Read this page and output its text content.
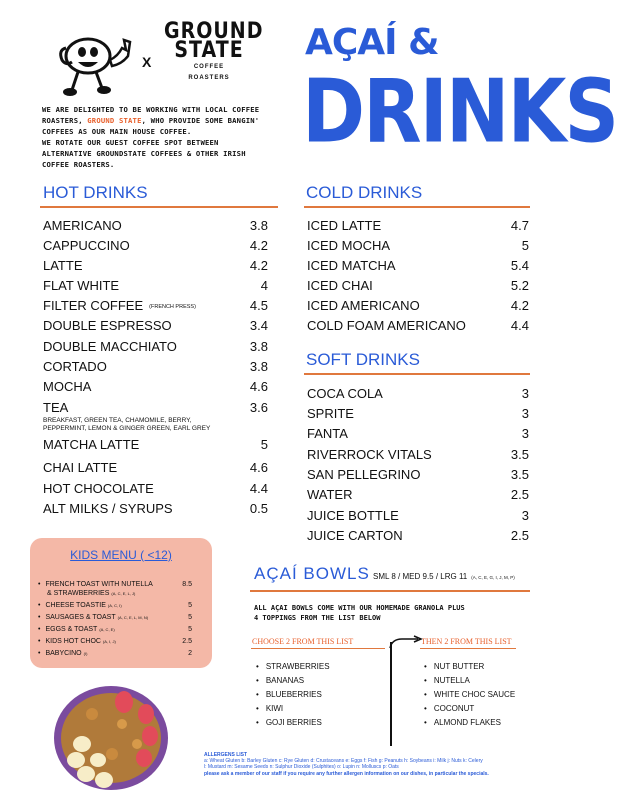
X
GROUND
STATE
COFFEE
ROASTERS
AÇAÍ &
DRINKS
WE ARE DELIGHTED TO BE WORKING WITH LOCAL COFFEE
ROASTERS, GROUND STATE, WHO PROVIDE SOME BANGIN'
COFFEES AS OUR MAIN HOUSE COFFEE.
WE ROTATE OUR GUEST COFFEE SPOT BETWEEN
ALTERNATIVE GROUNDSTATE COFFEES & OTHER IRISH
COFFEE ROASTERS.
HOT DRINKS
AMERICANO	3.8
CAPPUCCINO	4.2
LATTE	4.2
FLAT WHITE	4
FILTER COFFEE (FRENCH PRESS)	4.5
DOUBLE ESPRESSO	3.4
DOUBLE MACCHIATO	3.8
CORTADO	3.8
MOCHA	4.6
TEA	3.6
BREAKFAST, GREEN TEA, CHAMOMILE, BERRY,
PEPPERMINT, LEMON & GINGER GREEN, EARL GREY
MATCHA LATTE	5
CHAI LATTE	4.6
HOT CHOCOLATE	4.4
ALT MILKS / SYRUPS	0.5
COLD DRINKS
ICED LATTE	4.7
ICED MOCHA	5
ICED MATCHA	5.4
ICED CHAI	5.2
ICED AMERICANO	4.2
COLD FOAM AMERICANO	4.4
SOFT DRINKS
COCA COLA	3
SPRITE	3
FANTA	3
RIVERROCK VITALS	3.5
SAN PELLEGRINO	3.5
WATER	2.5
JUICE BOTTLE	3
JUICE CARTON	2.5
KIDS MENU ( <12)
• FRENCH TOAST WITH NUTELLA	8.5
& STRAWBERRIES (A, C, E, L, J)
• CHEESE TOASTIE (A, C, I)	5
• SAUSAGES & TOAST (A, C, E, L, M, N)	5
• EGGS & TOAST (A, C, E)	5
• KIDS HOT CHOC (A, I, J)	2.5
• BABYCINO (I)	2
AÇAÍ BOWLS SML 8 / MED 9.5 / LRG 11 (A, C, E, G, I, J, M, P)
ALL AÇAI BOWLS COME WITH OUR HOMEMADE GRANOLA PLUS
4 TOPPINGS FROM THE LIST BELOW
CHOOSE 2 FROM THIS LIST	THEN 2 FROM THIS LIST
• STRAWBERRIES
• BANANAS
• BLUEBERRIES
• KIWI
• GOJI BERRIES
• NUT BUTTER
• NUTELLA
• WHITE CHOC SAUCE
• COCONUT
• ALMOND FLAKES
ALLERGENS LIST
a: Wheat Gluten b: Barley Gluten c: Rye Gluten d: Crustaceans e: Eggs f: Fish g: Peanuts h: Soybeans i: Milk j: Nuts k: Celery
l: Mustard m: Sesame Seeds n: Sulphur Dioxide (Sulphites) o: Lupin n: Molluscs p: Oats
please ask a member of our staff if you require any further allergen information on our dishes, in particular the specials.
